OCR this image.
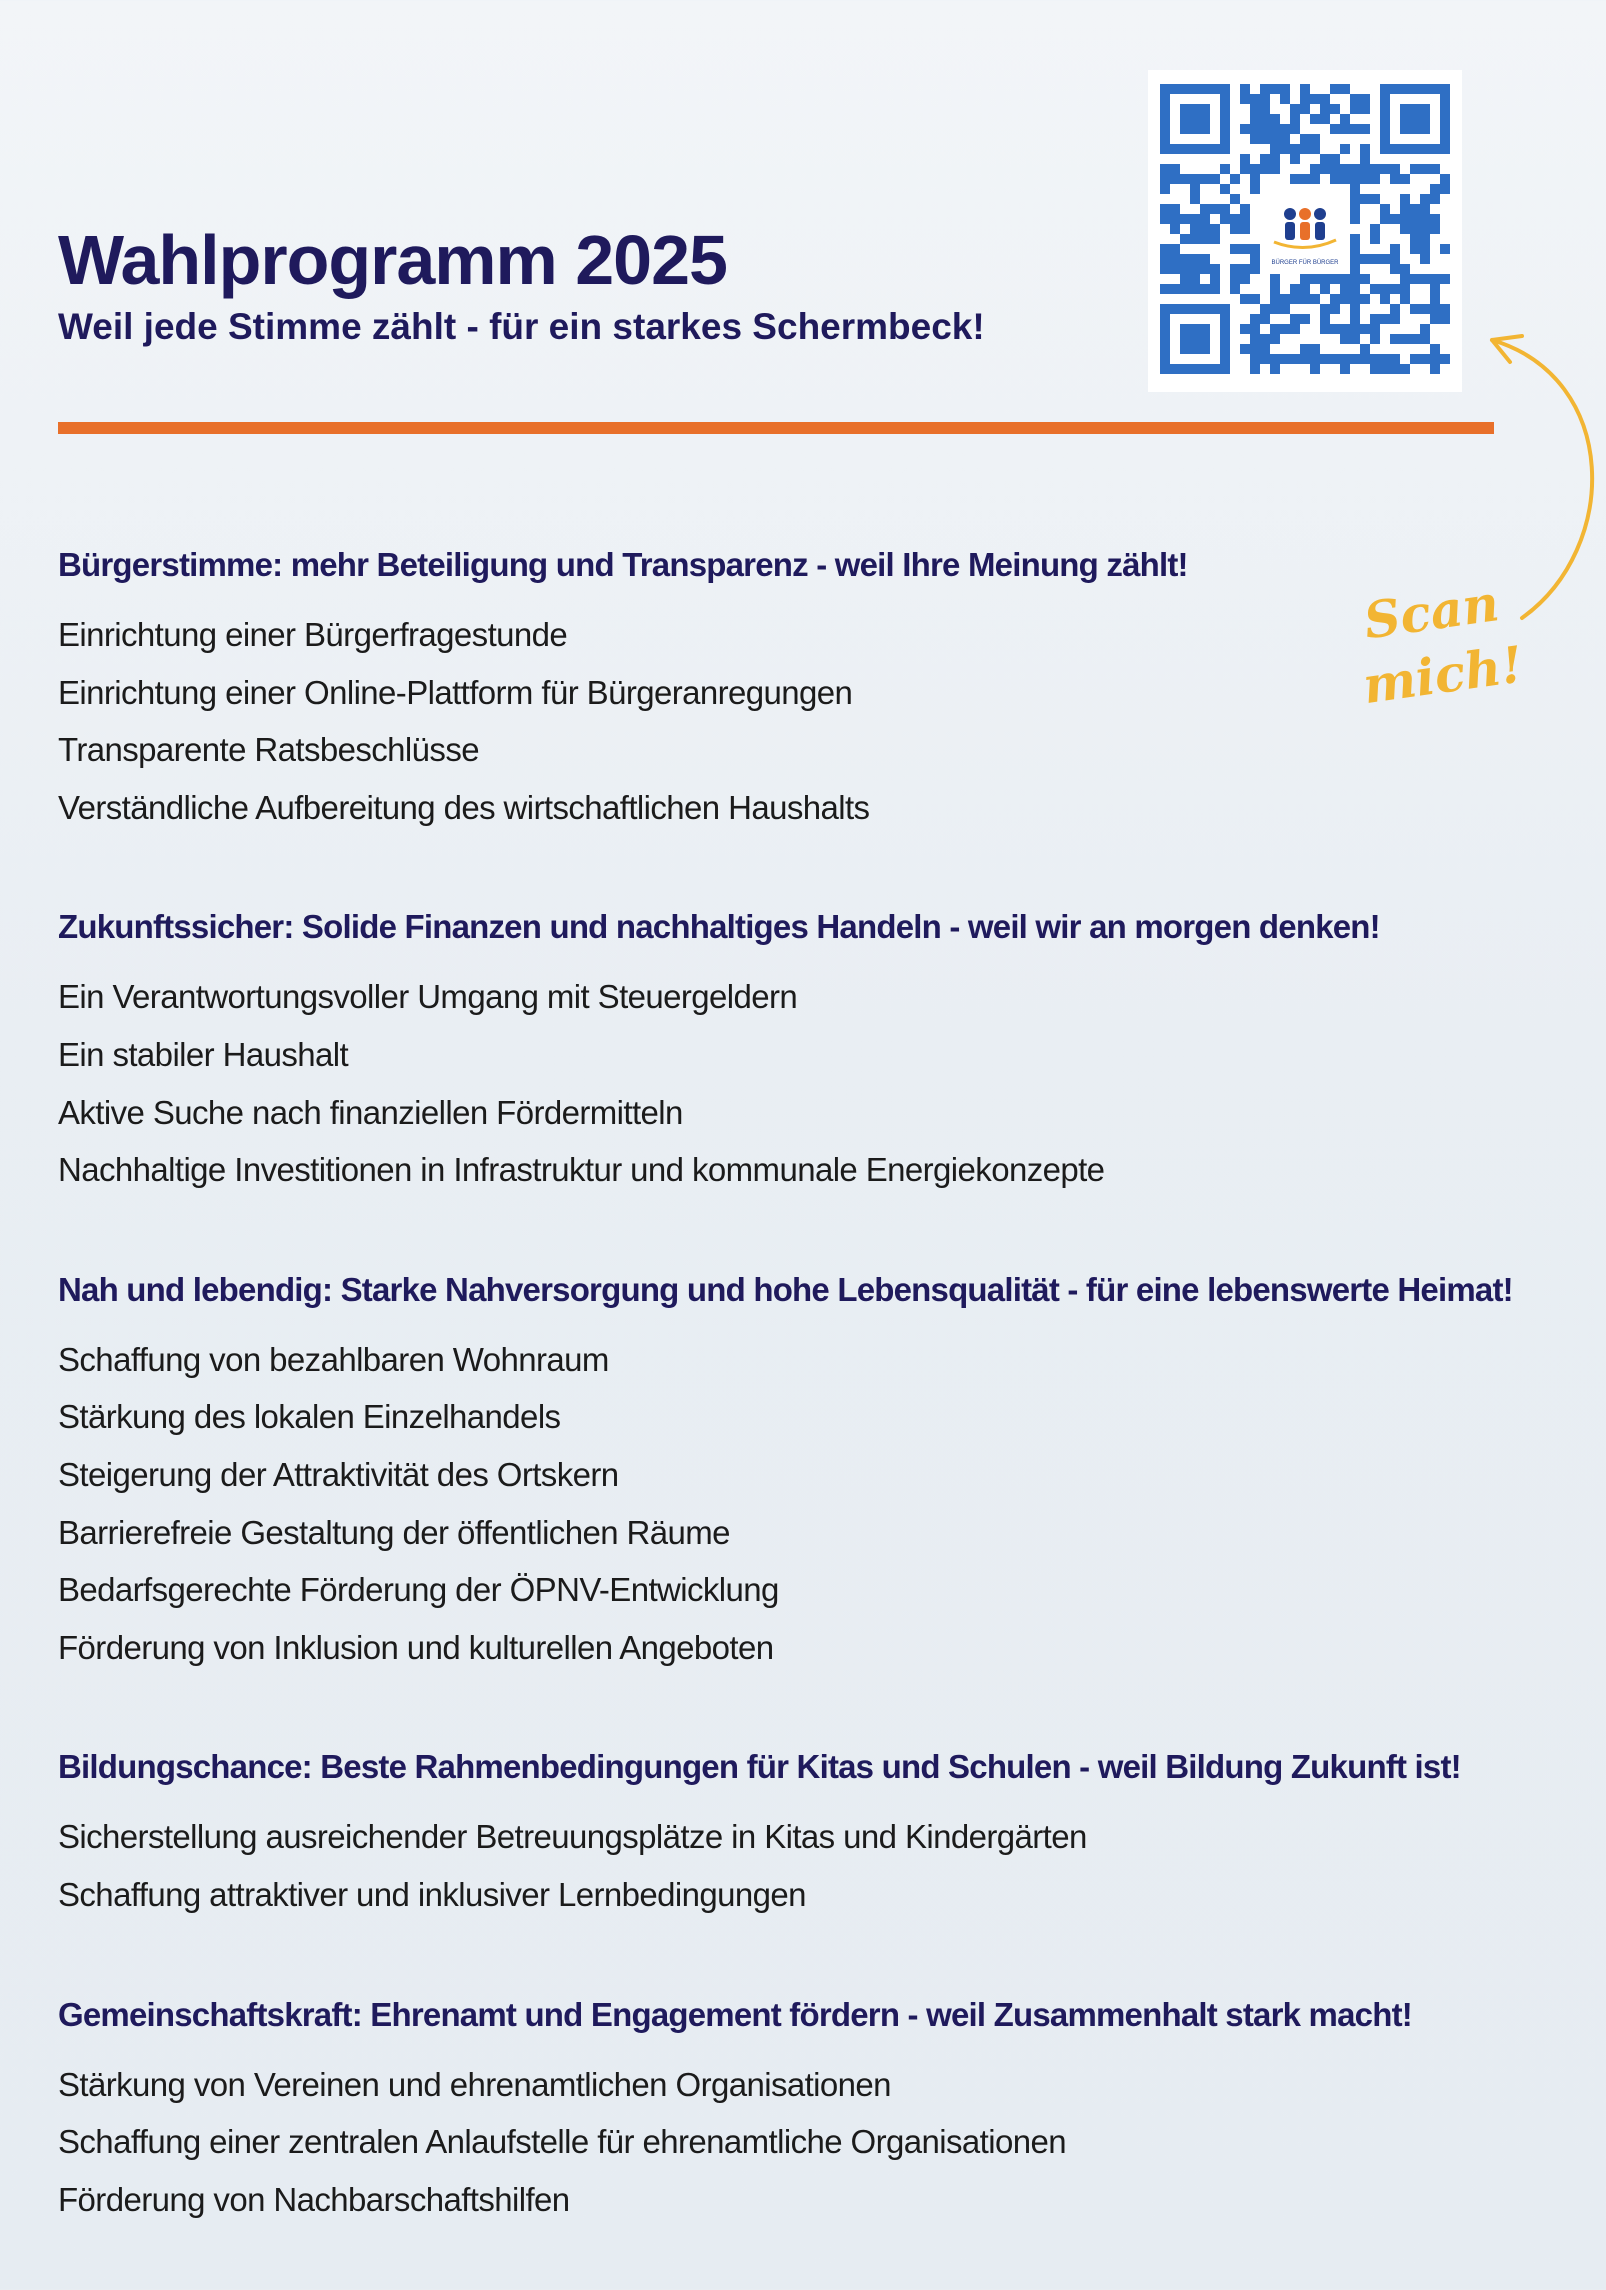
Wahlprogramm 2025
Weil jede Stimme zählt - für ein starkes Schermbeck!
BÜRGER FÜR BÜRGER
Scan
mich!
Bürgerstimme: mehr Beteiligung und Transparenz - weil Ihre Meinung zählt!
Einrichtung einer Bürgerfragestunde
Einrichtung einer Online-Plattform für Bürgeranregungen
Transparente Ratsbeschlüsse
Verständliche Aufbereitung des wirtschaftlichen Haushalts
Zukunftssicher: Solide Finanzen und nachhaltiges Handeln - weil wir an morgen denken!
Ein Verantwortungsvoller Umgang mit Steuergeldern
Ein stabiler Haushalt
Aktive Suche nach finanziellen Fördermitteln
Nachhaltige Investitionen in Infrastruktur und kommunale Energiekonzepte
Nah und lebendig: Starke Nahversorgung und hohe Lebensqualität - für eine lebenswerte Heimat!
Schaffung von bezahlbaren Wohnraum
Stärkung des lokalen Einzelhandels
Steigerung der Attraktivität des Ortskern
Barrierefreie Gestaltung der öffentlichen Räume
Bedarfsgerechte Förderung der ÖPNV-Entwicklung
Förderung von Inklusion und kulturellen Angeboten
Bildungschance: Beste Rahmenbedingungen für Kitas und Schulen - weil Bildung Zukunft ist!
Sicherstellung ausreichender Betreuungsplätze in Kitas und Kindergärten
Schaffung attraktiver und inklusiver Lernbedingungen
Gemeinschaftskraft: Ehrenamt und Engagement fördern - weil Zusammenhalt stark macht!
Stärkung von Vereinen und ehrenamtlichen Organisationen
Schaffung einer zentralen Anlaufstelle für ehrenamtliche Organisationen
Förderung von Nachbarschaftshilfen
